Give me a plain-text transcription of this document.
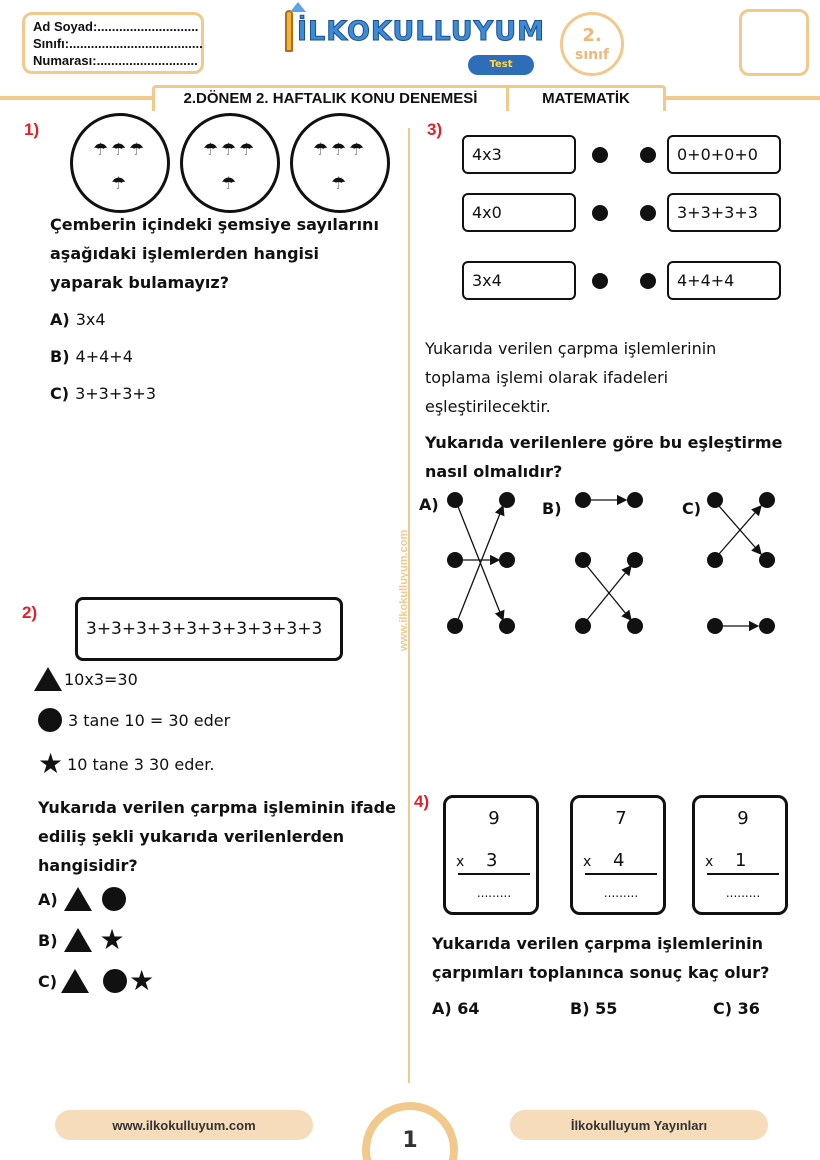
Ad Soyad:............................
Sınıfı:.....................................
Numarası:............................
İLKOKULLUYUM
Test
2.
sınıf
2.DÖNEM 2. HAFTALIK KONU DENEMESİ	MATEMATİK
www.ilkokulluyum.com
1)
☂ ☂ ☂
☂
☂ ☂ ☂
☂
☂ ☂ ☂
☂
Çemberin içindeki şemsiye sayılarını aşağıdaki işlemlerden hangisi yaparak bulamayız?
A) 3x4
B) 4+4+4
C) 3+3+3+3
2)
3+3+3+3+3+3+3+3+3+3
10x3=30
3 tane 10 = 30 eder
★ 10 tane 3 30 eder.
Yukarıda verilen çarpma işleminin ifade ediliş şekli yukarıda verilenlerden hangisidir?
A)
B) ★
C)	★
3)
4x3
4x0
3x4
0+0+0+0
3+3+3+3
4+4+4
Yukarıda verilen çarpma işlemlerinin toplama işlemi olarak ifadeleri eşleştirilecektir.
Yukarıda verilenlere göre bu eşleştirme nasıl olmalıdır?
A)	B)	C)
4)
9
x 3
.........
7
x 4
.........
9
x 1
.........
Yukarıda verilen çarpma işlemlerinin çarpımları toplanınca sonuç kaç olur?
A) 64	B) 55	C) 36
1
www.ilkokulluyum.com	İlkokulluyum Yayınları
